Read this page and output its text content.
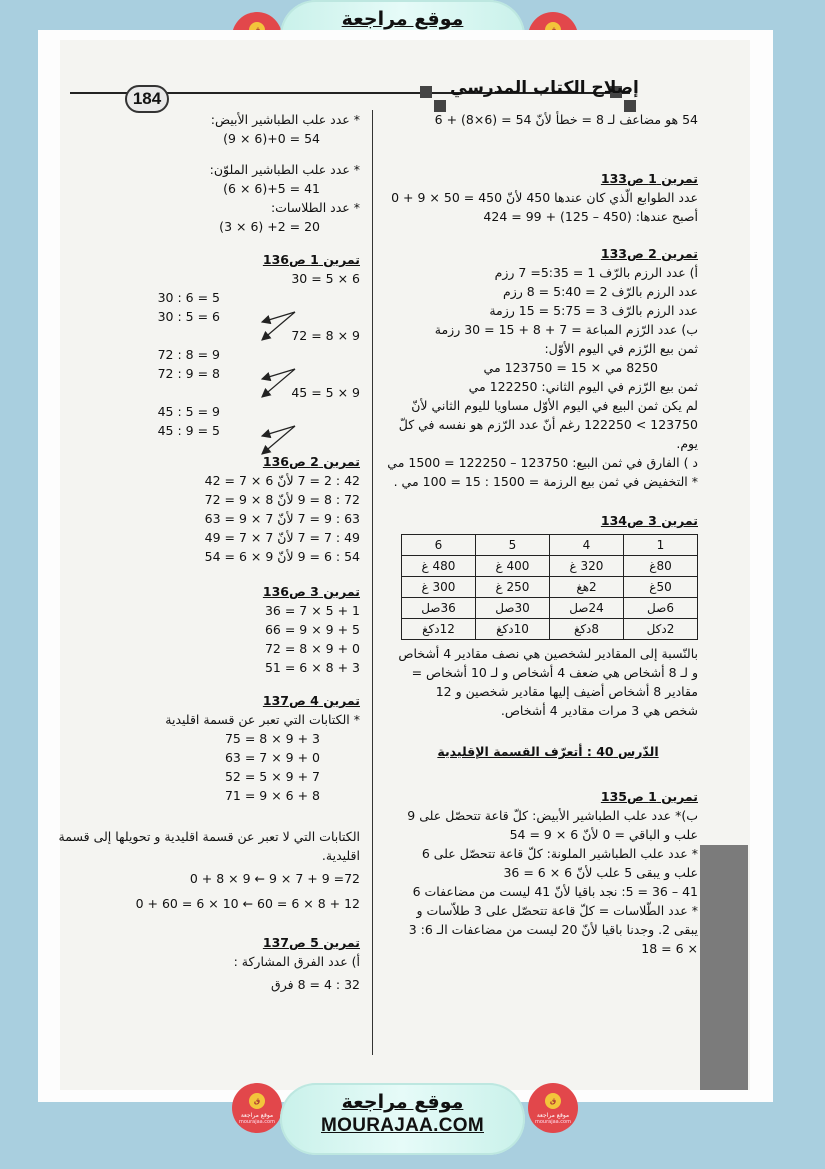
موقع مراجعة
184
إصلاح الكتاب المدرسي

* عدد علب الطباشير الأبيض:

54 = 0+(6 × 9)

* عدد علب الطباشير الملوّن:

41 = 5+(6 × 6)

* عدد الطلاسات:

20 = 2+ (6 × 3)

تمرين 1 ص136

6 × 5 = 30

5 = 6 : 30

6 = 5 : 30

9 × 8 = 72

9 = 8 : 72

8 = 9 : 72

9 × 5 = 45

9 = 5 : 45

5 = 9 : 45

تمرين 2 ص136

42 : 2 = 7 لأنّ 6 × 7 = 42

72 : 8 = 9 لأنّ 8 × 9 = 72

63 : 9 = 7 لأنّ 7 × 9 = 63

49 : 7 = 7 لأنّ 7 × 7 = 49

54 : 6 = 9 لأنّ 9 × 6 = 54

تمرين 3 ص136

1 + 5 × 7 = 36

5 + 9 × 9 = 66

0 + 9 × 8 = 72

3 + 8 × 6 = 51

تمرين 4 ص137

* الكتابات التي تعبر عن قسمة اقليدية

3 + 9 × 8 = 75

0 + 9 × 7 = 63

7 + 9 × 5 = 52

8 + 6 × 9 = 71

الكتابات التي لا تعبر عن قسمة اقليدية و تحويلها إلى قسمة اقليدية.

72= 9 + 7 × 9 ← 9 × 8 + 0

12 + 8 × 6 = 60 ← 10 × 6 = 60 + 0

تمرين 5 ص137

أ) عدد الفرق المشاركة :

32 : 4 = 8 فرق

54 هو مضاعف لـ 8 = خطأ لأنّ 54 = (6×8) + 6

تمرين 1 ص133

عدد الطوابع الّذي كان عندها 450 لأنّ 450 = 50 × 9 + 0

أصبح عندها: (450 – 125) + 99 = 424

تمرين 2 ص133

أ) عدد الرزم بالرّف 1 = 5:35= 7 رزم

عدد الرزم بالرّف 2 = 5:40 = 8 رزم

عدد الرزم بالرّف 3 = 5:75 = 15 رزمة

ب) عدد الرّزم المباعة = 7 + 8 + 15 = 30 رزمة

ثمن بيع الرّزم في اليوم الأوّل:

8250 مي × 15 = 123750 مي

ثمن بيع الرّزم في اليوم الثاني: 122250 مي

لم يكن ثمن البيع في اليوم الأوّل مساويا لليوم الثاني لأنّ 123750 > 122250 رغم أنّ عدد الرّزم هو نفسه في كلّ يوم.

د ) الفارق في ثمن البيع: 123750 – 122250 = 1500 مي

* التخفيض في ثمن بيع الرزمة = 1500 : 15 = 100 مي .

تمرين 3 ص134

1	4	5	6
80غ	320 غ	400 غ	480 غ
50غ	2هغ	250 غ	300 غ
6صل	24صل	30صل	36صل
2دكل	8دكغ	10دكغ	12دكغ

بالنّسبة إلى المقادير لشخصين هي نصف مقادير 4 أشخاص و لـ 8 أشخاص هي ضعف 4 أشخاص و لـ 10 أشخاص = مقادير 8 أشخاص أضيف إليها مقادير شخصين و 12 شخص هي 3 مرات مقادير 4 أشخاص.

الدّرس 40 : أتعرّف القسمة الإقليدية

تمرين 1 ص135

ب)* عدد علب الطباشير الأبيض: كلّ قاعة تتحصّل على 9 علب و الباقي = 0 لأنّ 6 × 9 = 54

* عدد علب الطباشير الملونة: كلّ قاعة تتحصّل على 6 علب و يبقى 5 علب لأنّ 6 × 6 = 36

41 – 36 = 5: نجد باقيا لأنّ 41 ليست من مضاعفات 6

* عدد الطّلاسات = كلّ قاعة تتحصّل على 3 طلاّسات و يبقى 2. وجدنا باقيا لأنّ 20 ليست من مضاعفات الـ 6: 3 × 6 = 18

ق
موقع مراجعة
mourajaa.com
موقع مراجعة
MOURAJAA.COM
ق
موقع مراجعة
mourajaa.com
